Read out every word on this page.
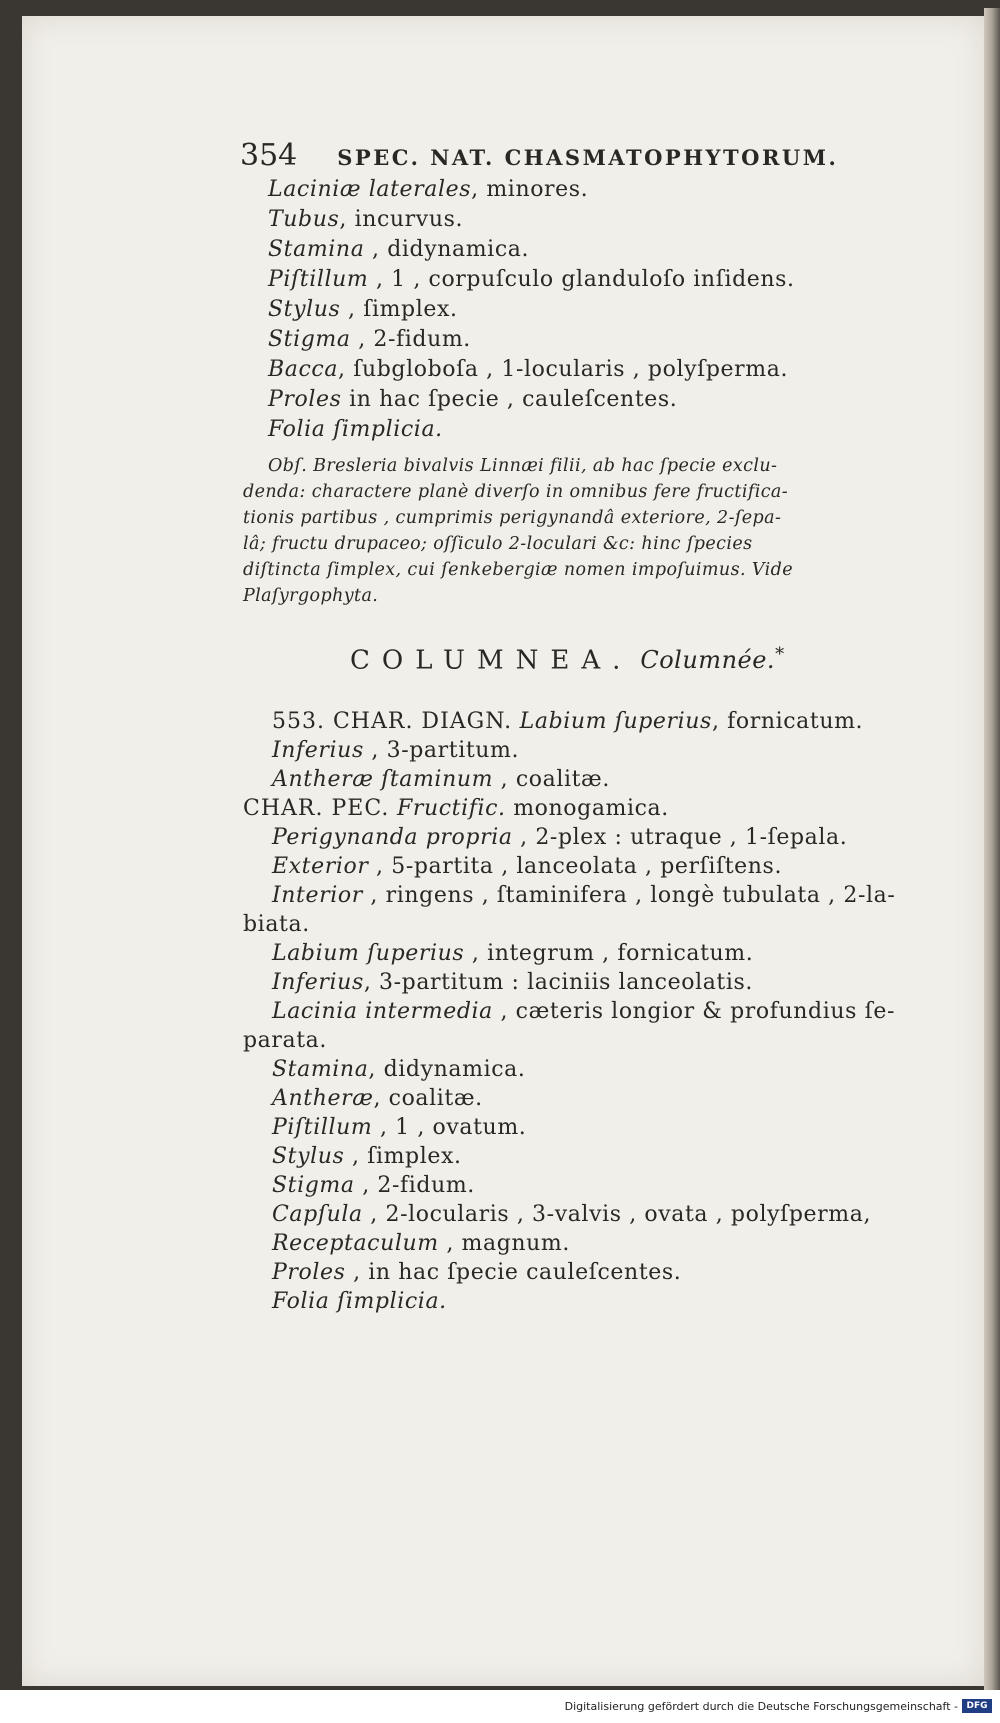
354 SPEC. NAT. CHASMATOPHYTORUM.
Laciniæ laterales, minores.
Tubus, incurvus.
Stamina , didynamica.
Piſtillum , 1 , corpuſculo glanduloſo inſidens.
Stylus , ſimplex.
Stigma , 2-fidum.
Bacca, ſubgloboſa , 1-locularis , polyſperma.
Proles in hac ſpecie , cauleſcentes.
Folia ſimplicia.
Obſ. Bresleria bivalvis Linnæi filii, ab hac ſpecie exclu-
denda: charactere planè diverſo in omnibus fere fructifica-
tionis partibus , cumprimis perigynandâ exteriore, 2-ſepa-
lâ; fructu drupaceo; oſſiculo 2-loculari &c: hinc ſpecies
diſtincta ſimplex, cui ſenkebergiæ nomen impoſuimus. Vide
Plaſyrgophyta.
COLUMNEA. Columnée.*
553. CHAR. DIAGN. Labium ſuperius, fornicatum.
Inferius , 3-partitum.
Antheræ ſtaminum , coalitæ.
CHAR. PEC. Fructific. monogamica.
Perigynanda propria , 2-plex : utraque , 1-ſepala.
Exterior , 5-partita , lanceolata , perſiſtens.
Interior , ringens , ſtaminifera , longè tubulata , 2-la-
biata.
Labium ſuperius , integrum , fornicatum.
Inferius, 3-partitum : laciniis lanceolatis.
Lacinia intermedia , cæteris longior & profundius ſe-
parata.
Stamina, didynamica.
Antheræ, coalitæ.
Piſtillum , 1 , ovatum.
Stylus , ſimplex.
Stigma , 2-fidum.
Capſula , 2-locularis , 3-valvis , ovata , polyſperma,
Receptaculum , magnum.
Proles , in hac ſpecie cauleſcentes.
Folia ſimplicia.
Digitalisierung gefördert durch die Deutsche Forschungsgemeinschaft - DFG
